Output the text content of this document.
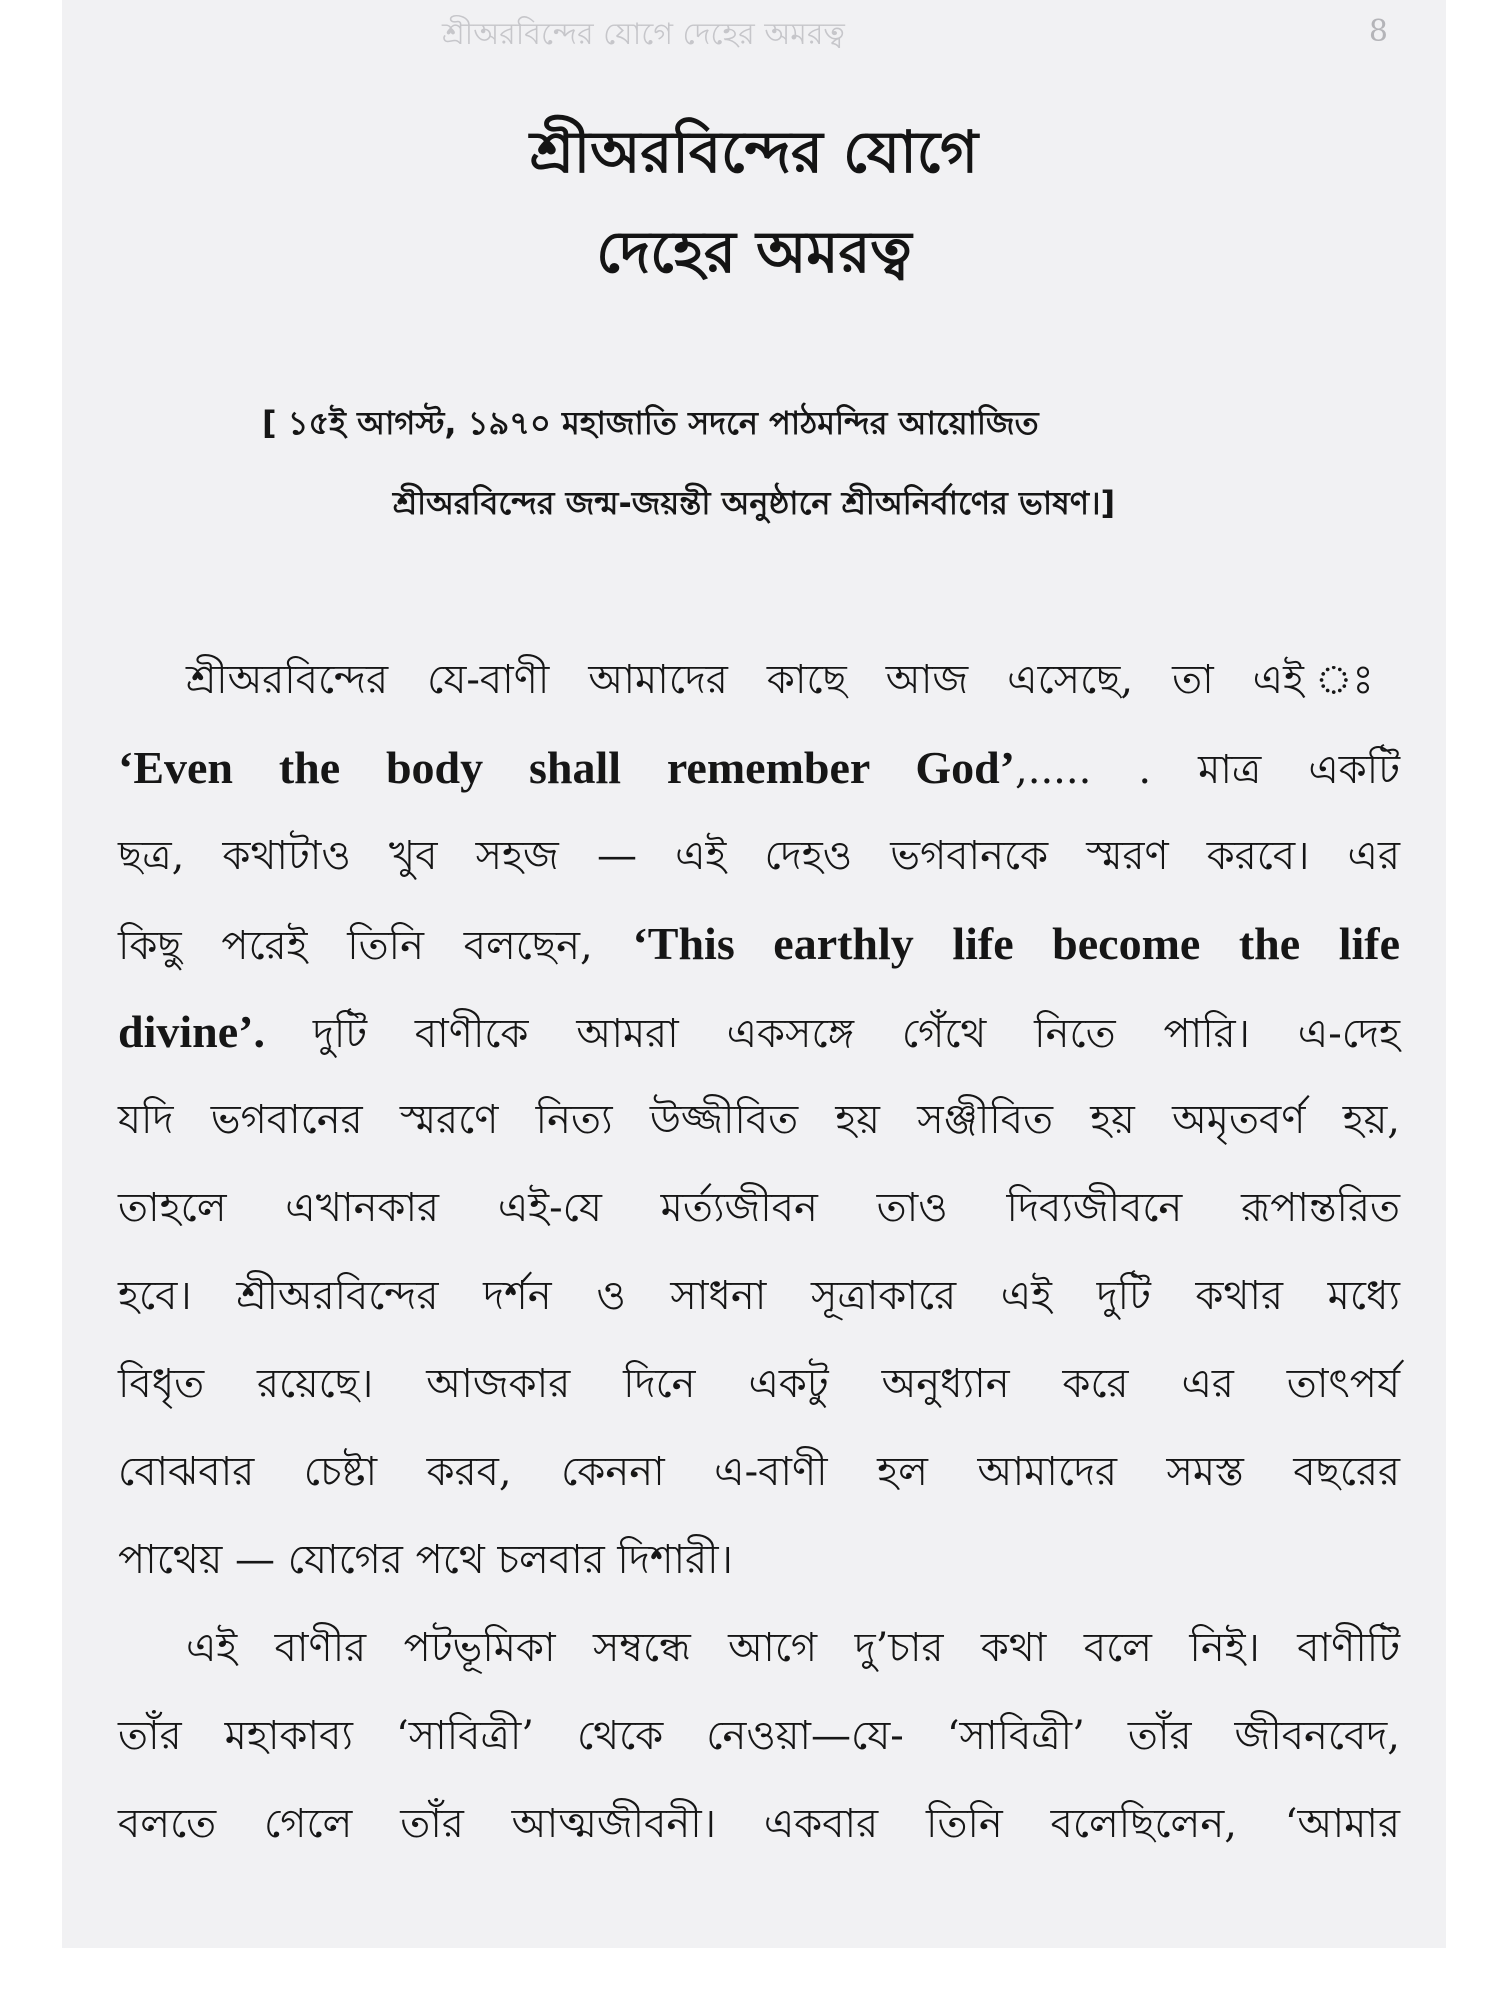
শ্রীঅরবিন্দের যোগে দেহের অমরত্ব	8
শ্রীঅরবিন্দের যোগে
দেহের অমরত্ব
[ ১৫ই আগস্ট, ১৯৭০ মহাজাতি সদনে পাঠমন্দির আয়োজিত
শ্রীঅরবিন্দের জন্ম-জয়ন্তী অনুষ্ঠানে শ্রীঅনির্বাণের ভাষণ।]
শ্রীঅরবিন্দের যে-বাণী আমাদের কাছে আজ এসেছে, তা এই ঃ
‘Even the body shall remember God’,..... . মাত্র একটি
ছত্র, কথাটাও খুব সহজ — এই দেহও ভগবানকে স্মরণ করবে। এর
কিছু পরেই তিনি বলছেন, ‘This earthly life become the life
divine’. দুটি বাণীকে আমরা একসঙ্গে গেঁথে নিতে পারি। এ-দেহ
যদি ভগবানের স্মরণে নিত্য উজ্জীবিত হয় সঞ্জীবিত হয় অমৃতবর্ণ হয়,
তাহলে এখানকার এই-যে মর্ত্যজীবন তাও দিব্যজীবনে রূপান্তরিত
হবে। শ্রীঅরবিন্দের দর্শন ও সাধনা সূত্রাকারে এই দুটি কথার মধ্যে
বিধৃত রয়েছে। আজকার দিনে একটু অনুধ্যান করে এর তাৎপর্য
বোঝবার চেষ্টা করব, কেননা এ-বাণী হল আমাদের সমস্ত বছরের
পাথেয় — যোগের পথে চলবার দিশারী।
এই বাণীর পটভূমিকা সম্বন্ধে আগে দু’চার কথা বলে নিই। বাণীটি
তাঁর মহাকাব্য ‘সাবিত্রী’ থেকে নেওয়া—যে- ‘সাবিত্রী’ তাঁর জীবনবেদ,
বলতে গেলে তাঁর আত্মজীবনী। একবার তিনি বলেছিলেন, ‘আমার
